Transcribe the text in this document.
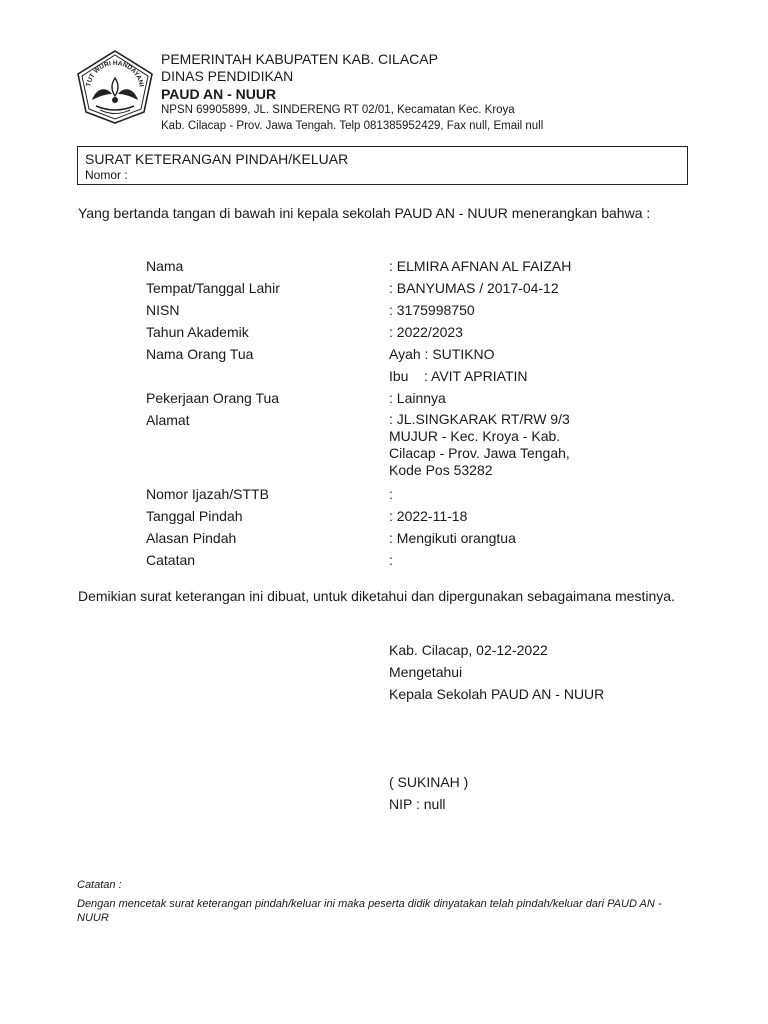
TUT WURI HANDAYANI
PEMERINTAH KABUPATEN KAB. CILACAP
DINAS PENDIDIKAN
PAUD AN - NUUR
NPSN 69905899, JL. SINDERENG RT 02/01, Kecamatan Kec. Kroya
Kab. Cilacap - Prov. Jawa Tengah. Telp 081385952429, Fax null, Email null
SURAT KETERANGAN PINDAH/KELUAR
Nomor :
Yang bertanda tangan di bawah ini kepala sekolah PAUD AN - NUUR menerangkan bahwa :
Nama	: ELMIRA AFNAN AL FAIZAH
Tempat/Tanggal Lahir	: BANYUMAS / 2017-04-12
NISN	: 3175998750
Tahun Akademik	: 2022/2023
Nama Orang Tua	Ayah : SUTIKNO
Ibu    : AVIT APRIATIN
Pekerjaan Orang Tua	: Lainnya
Alamat	: JL.SINGKARAK RT/RW 9/3
MUJUR - Kec. Kroya - Kab.
Cilacap - Prov. Jawa Tengah,
Kode Pos 53282
Nomor Ijazah/STTB	:
Tanggal Pindah	: 2022-11-18
Alasan Pindah	: Mengikuti orangtua
Catatan	:
Demikian surat keterangan ini dibuat, untuk diketahui dan dipergunakan sebagaimana mestinya.
Kab. Cilacap, 02-12-2022
Mengetahui
Kepala Sekolah PAUD AN - NUUR
( SUKINAH )
NIP : null
Catatan :
Dengan mencetak surat keterangan pindah/keluar ini maka peserta didik dinyatakan telah pindah/keluar dari PAUD AN - NUUR
